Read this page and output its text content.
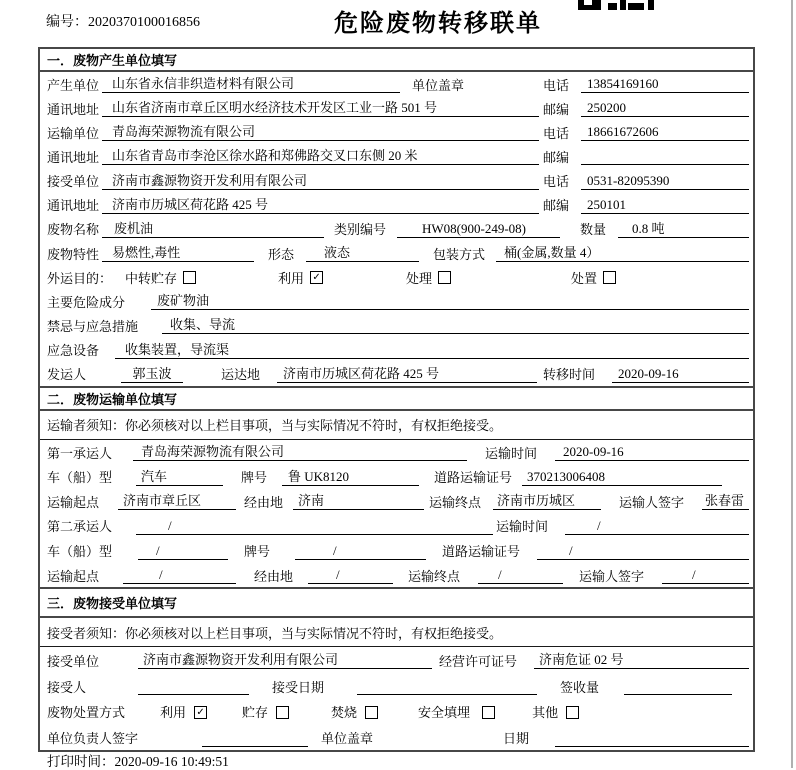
编号：2020370100016856	危险废物转移联单
一．废物产生单位填写
产生单位 山东省永信非织造材料有限公司	单位盖章	电话	13854169160
通讯地址 山东省济南市章丘区明水经济技术开发区工业一路 501 号	邮编	250200
运输单位 青岛海荣源物流有限公司	电话	18661672606
通讯地址 山东省青岛市李沧区徐水路和郑佛路交叉口东侧 20 米	邮编
接受单位 济南市鑫源物资开发利用有限公司	电话	0531-82095390
通讯地址 济南市历城区荷花路 425 号	邮编	250101
废物名称	废机油	类别编号	HW08(900-249-08)	数量	0.8 吨
废物特性 易燃性,毒性	形态	液态	包装方式	桶(金属,数量 4）
外运目的： 中转贮存	利用 ✓	处理	处置
主要危险成分	废矿物油
禁忌与应急措施	收集、导流
应急设备	收集装置，导流渠
发运人	郭玉波	运达地	济南市历城区荷花路 425 号	转移时间	2020-09-16
二．废物运输单位填写
运输者须知：你必须核对以上栏目事项，当与实际情况不符时，有权拒绝接受。
第一承运人	青岛海荣源物流有限公司	运输时间	2020-09-16
车（船）型	汽车	牌号	鲁 UK8120	道路运输证号	370213006408
运输起点	济南市章丘区	经由地	济南	运输终点	济南市历城区	运输人签字 张春雷
第二承运人	/	运输时间	/
车（船）型	/	牌号	/	道路运输证号	/
运输起点	/	经由地	/	运输终点	/	运输人签字	/
三．废物接受单位填写
接受者须知：你必须核对以上栏目事项，当与实际情况不符时，有权拒绝接受。
接受单位	济南市鑫源物资开发利用有限公司	经营许可证号	济南危证 02 号
接受人	接受日期	签收量
废物处置方式	利用 ✓	贮存	焚烧	安全填埋	其他
单位负责人签字	单位盖章	日期
打印时间：2020-09-16 10:49:51
